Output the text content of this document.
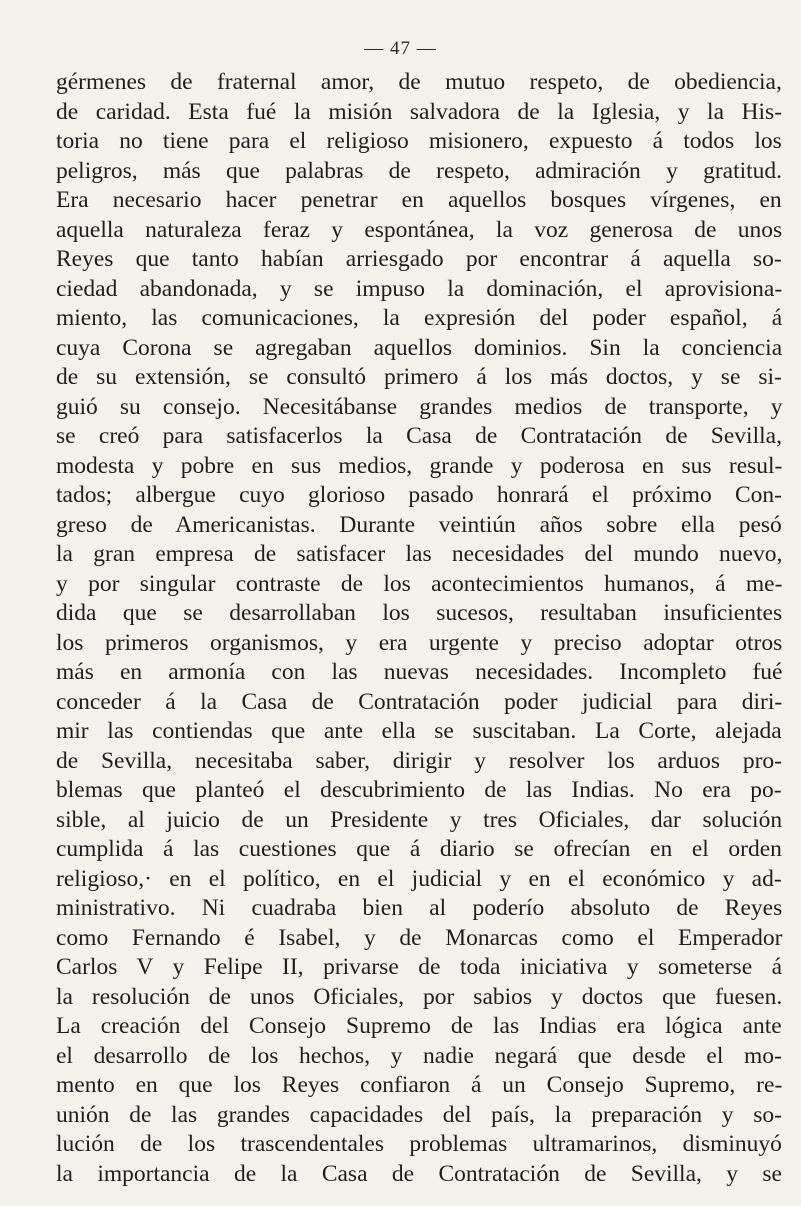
— 47 —
gérmenes de fraternal amor, de mutuo respeto, de obediencia,
de caridad. Esta fué la misión salvadora de la Iglesia, y la His-
toria no tiene para el religioso misionero, expuesto á todos los
peligros, más que palabras de respeto, admiración y gratitud.
Era necesario hacer penetrar en aquellos bosques vírgenes, en
aquella naturaleza feraz y espontánea, la voz generosa de unos
Reyes que tanto habían arriesgado por encontrar á aquella so-
ciedad abandonada, y se impuso la dominación, el aprovisiona-
miento, las comunicaciones, la expresión del poder español, á
cuya Corona se agregaban aquellos dominios. Sin la conciencia
de su extensión, se consultó primero á los más doctos, y se si-
guió su consejo. Necesitábanse grandes medios de transporte, y
se creó para satisfacerlos la Casa de Contratación de Sevilla,
modesta y pobre en sus medios, grande y poderosa en sus resul-
tados; albergue cuyo glorioso pasado honrará el próximo Con-
greso de Americanistas. Durante veintiún años sobre ella pesó
la gran empresa de satisfacer las necesidades del mundo nuevo,
y por singular contraste de los acontecimientos humanos, á me-
dida que se desarrollaban los sucesos, resultaban insuficientes
los primeros organismos, y era urgente y preciso adoptar otros
más en armonía con las nuevas necesidades. Incompleto fué
conceder á la Casa de Contratación poder judicial para diri-
mir las contiendas que ante ella se suscitaban. La Corte, alejada
de Sevilla, necesitaba saber, dirigir y resolver los arduos pro-
blemas que planteó el descubrimiento de las Indias. No era po-
sible, al juicio de un Presidente y tres Oficiales, dar solución
cumplida á las cuestiones que á diario se ofrecían en el orden
religioso,· en el político, en el judicial y en el económico y ad-
ministrativo. Ni cuadraba bien al poderío absoluto de Reyes
como Fernando é Isabel, y de Monarcas como el Emperador
Carlos V y Felipe II, privarse de toda iniciativa y someterse á
la resolución de unos Oficiales, por sabios y doctos que fuesen.
La creación del Consejo Supremo de las Indias era lógica ante
el desarrollo de los hechos, y nadie negará que desde el mo-
mento en que los Reyes confiaron á un Consejo Supremo, re-
unión de las grandes capacidades del país, la preparación y so-
lución de los trascendentales problemas ultramarinos, disminuyó
la importancia de la Casa de Contratación de Sevilla, y se
